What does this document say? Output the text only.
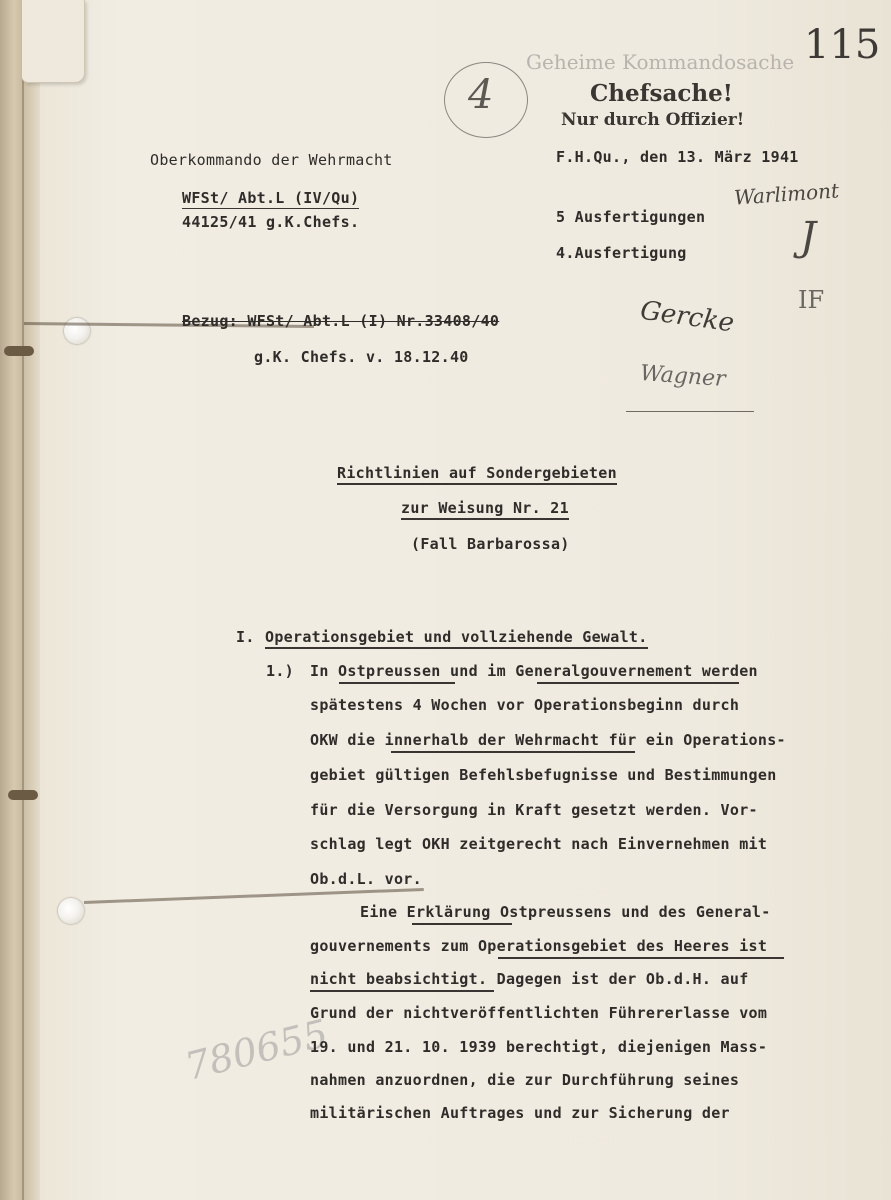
Geheime Kommandosache 115
Chefsache!
Nur durch Offizier!
4
Oberkommando der Wehrmacht
WFSt/ Abt.L (IV/Qu)
44125/41 g.K.Chefs.
F.H.Qu., den 13. März 1941
5 Ausfertigungen
4.Ausfertigung
Warlimont
J
IF
Gercke
Wagner
780655
Bezug: WFSt/ Abt.L (I) Nr.33408/40
g.K. Chefs. v. 18.12.40
Richtlinien auf Sondergebieten
zur Weisung Nr. 21
(Fall Barbarossa)
I. Operationsgebiet und vollziehende Gewalt.
1.) In Ostpreussen und im Generalgouvernement werden
spätestens 4 Wochen vor Operationsbeginn durch
OKW die innerhalb der Wehrmacht für ein Operations-
gebiet gültigen Befehlsbefugnisse und Bestimmungen
für die Versorgung in Kraft gesetzt werden. Vor-
schlag legt OKH zeitgerecht nach Einvernehmen mit
Ob.d.L. vor.
Eine Erklärung Ostpreussens und des General-
gouvernements zum Operationsgebiet des Heeres ist
nicht beabsichtigt. Dagegen ist der Ob.d.H. auf
Grund der nichtveröffentlichten Führererlasse vom
19. und 21. 10. 1939 berechtigt, diejenigen Mass-
nahmen anzuordnen, die zur Durchführung seines
militärischen Auftrages und zur Sicherung der
